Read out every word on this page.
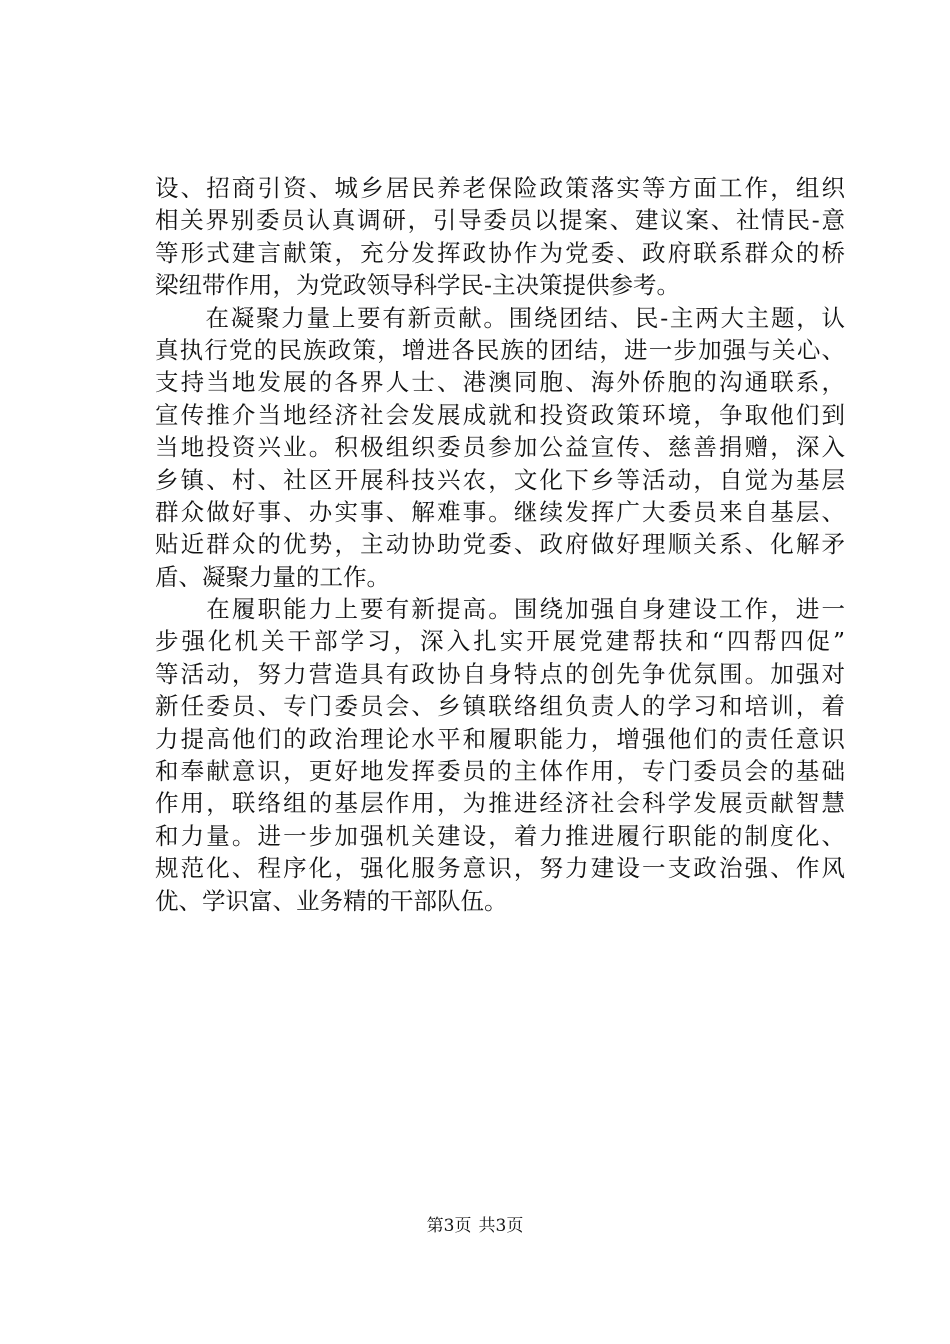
设、招商引资、城乡居民养老保险政策落实等方面工作，组织
相关界别委员认真调研，引导委员以提案、建议案、社情民-意
等形式建言献策，充分发挥政协作为党委、政府联系群众的桥
梁纽带作用，为党政领导科学民-主决策提供参考。
　　在凝聚力量上要有新贡献。围绕团结、民-主两大主题，认
真执行党的民族政策，增进各民族的团结，进一步加强与关心、
支持当地发展的各界人士、港澳同胞、海外侨胞的沟通联系，
宣传推介当地经济社会发展成就和投资政策环境，争取他们到
当地投资兴业。积极组织委员参加公益宣传、慈善捐赠，深入
乡镇、村、社区开展科技兴农，文化下乡等活动，自觉为基层
群众做好事、办实事、解难事。继续发挥广大委员来自基层、
贴近群众的优势，主动协助党委、政府做好理顺关系、化解矛
盾、凝聚力量的工作。
　　在履职能力上要有新提高。围绕加强自身建设工作，进一
步强化机关干部学习，深入扎实开展党建帮扶和“四帮四促”
等活动，努力营造具有政协自身特点的创先争优氛围。加强对
新任委员、专门委员会、乡镇联络组负责人的学习和培训，着
力提高他们的政治理论水平和履职能力，增强他们的责任意识
和奉献意识，更好地发挥委员的主体作用，专门委员会的基础
作用，联络组的基层作用，为推进经济社会科学发展贡献智慧
和力量。进一步加强机关建设，着力推进履行职能的制度化、
规范化、程序化，强化服务意识，努力建设一支政治强、作风
优、学识富、业务精的干部队伍。
第3页 共3页
